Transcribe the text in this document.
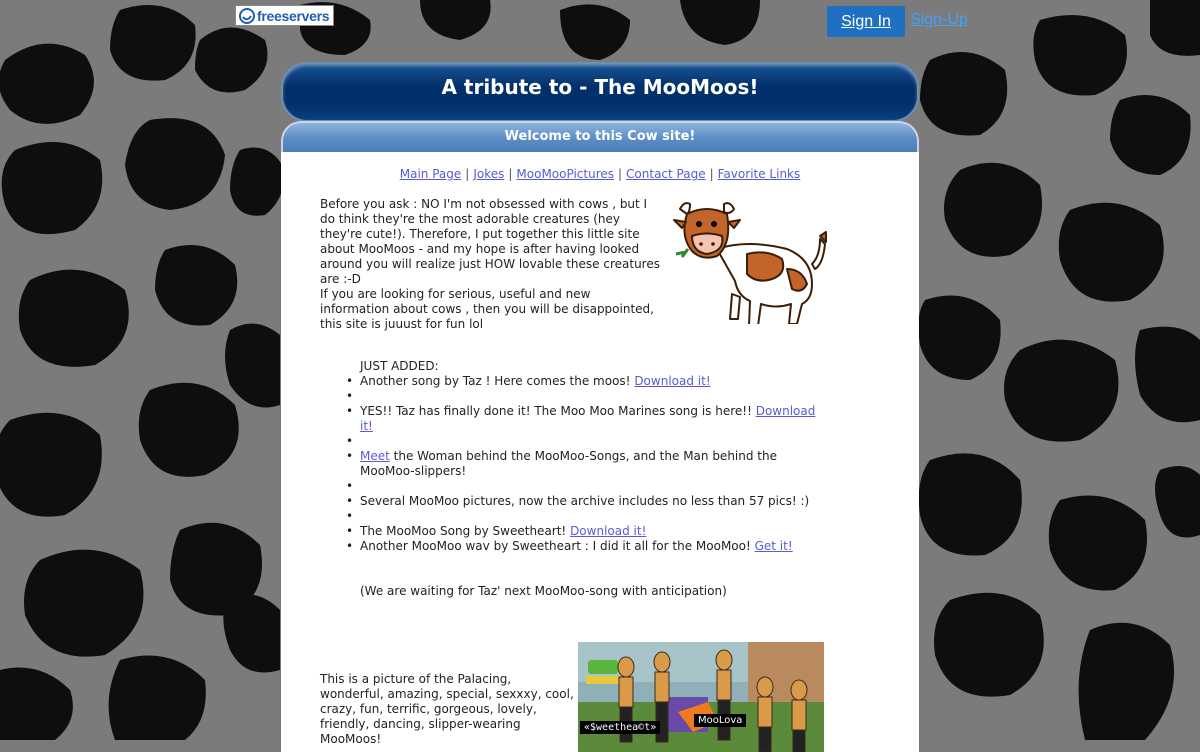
freeservers	Sign In	Sign-Up
A tribute to - The MooMoos!
Welcome to this Cow site!
Main Page | Jokes | MooMooPictures | Contact Page | Favorite Links
Before you ask : NO I'm not obsessed with cows , but I do think they're the most adorable creatures (hey they're cute!). Therefore, I put together this little site about MooMoos - and my hope is after having looked around you will realize just HOW lovable these creatures are :-D
If you are looking for serious, useful and new information about cows , then you will be disappointed, this site is juuust for fun lol
JUST ADDED:
• Another song by Taz ! Here comes the moos! Download it!
•
• YES!! Taz has finally done it! The Moo Moo Marines song is here!! Download it!
•
• Meet the Woman behind the MooMoo-Songs, and the Man behind the MooMoo-slippers!
•
• Several MooMoo pictures, now the archive includes no less than 57 pics! :)
•
• The MooMoo Song by Sweetheart! Download it!
• Another MooMoo wav by Sweetheart : I did it all for the MooMoo! Get it!
(We are waiting for Taz' next MooMoo-song with anticipation)
This is a picture of the Palacing, wonderful, amazing, special, sexxxy, cool, crazy, fun, terrific, gorgeous, lovely, friendly, dancing, slipper-wearing MooMoos!
«$weethea©t»
MooLova
